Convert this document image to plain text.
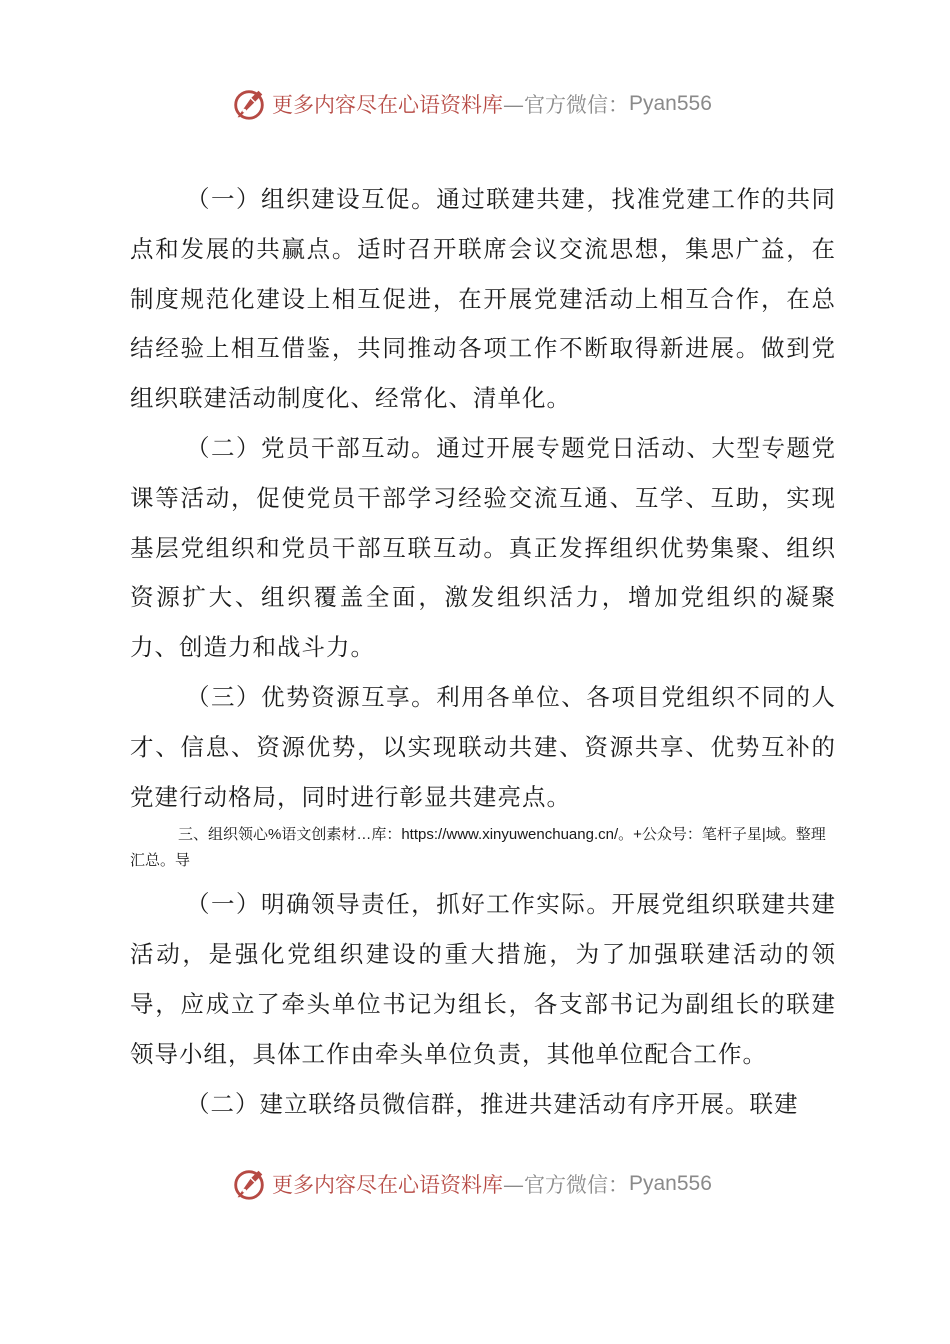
更多内容尽在心语资料库 —官方微信： Pyan556

（一）组织建设互促。通过联建共建，找准党建工作的共同点和发展的共赢点。适时召开联席会议交流思想，集思广益，在制度规范化建设上相互促进，在开展党建活动上相互合作，在总结经验上相互借鉴，共同推动各项工作不断取得新进展。做到党组织联建活动制度化、经常化、清单化。

（二）党员干部互动。通过开展专题党日活动、大型专题党课等活动，促使党员干部学习经验交流互通、互学、互助，实现基层党组织和党员干部互联互动。真正发挥组织优势集聚、组织资源扩大、组织覆盖全面，激发组织活力，增加党组织的凝聚力、创造力和战斗力。

（三）优势资源互享。利用各单位、各项目党组织不同的人才、信息、资源优势，以实现联动共建、资源共享、优势互补的党建行动格局，同时进行彰显共建亮点。

三、组织领心%语文创素材…库：https://www.xinyuwenchuang.cn/。+公众号：笔杆子星|域。整理汇总。导

（一）明确领导责任，抓好工作实际。开展党组织联建共建活动，是强化党组织建设的重大措施，为了加强联建活动的领导，应成立了牵头单位书记为组长，各支部书记为副组长的联建领导小组，具体工作由牵头单位负责，其他单位配合工作。

（二）建立联络员微信群，推进共建活动有序开展。联建

更多内容尽在心语资料库 —官方微信： Pyan556
